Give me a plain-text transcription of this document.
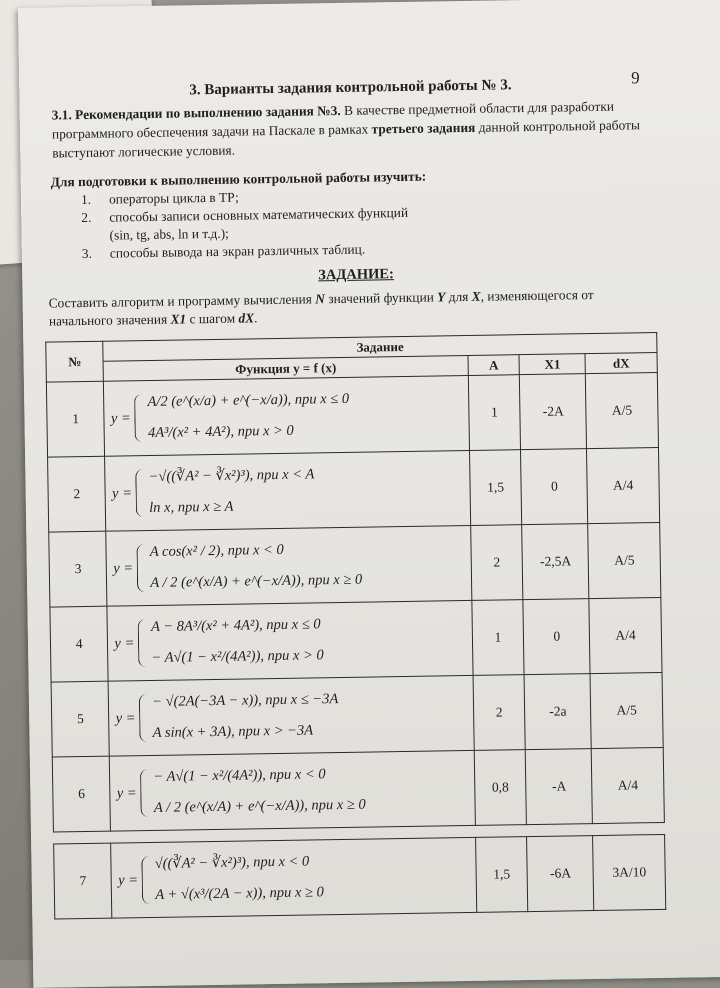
9
3. Варианты задания контрольной работы № 3.
3.1. Рекомендации по выполнению задания №3. В качестве предметной области для разработки программного обеспечения задачи на Паскале в рамках третьего задания данной контрольной работы выступают логические условия.
Для подготовки к выполнению контрольной работы изучить:
1.	операторы цикла в ТР;
2.	способы записи основных математических функций
(sin, tg, abs, ln и т.д.);
3.	способы вывода на экран различных таблиц.
ЗАДАНИЕ:
Составить алгоритм и программу вычисления N значений функции Y для X, изменяющегося от начального значения X1 с шагом dX.
№	Задание			
	Функция y = f (x)	A	X1	dX
1	y =
A/2 (e^(x/a) + e^(−x/a)), при x ≤ 0
4A³/(x² + 4A²), при x > 0	1	-2A	A/5
2	y =
−√((∛A² − ∛x²)³), при x < A
ln x, при x ≥ A	1,5	0	A/4
3	y =
A cos(x² / 2), при x < 0
A / 2 (e^(x/A) + e^(−x/A)), при x ≥ 0	2	-2,5A	A/5
4	y =
A − 8A³/(x² + 4A²), при x ≤ 0
− A√(1 − x²/(4A²)), при x > 0	1	0	A/4
5	y =
− √(2A(−3A − x)), при x ≤ −3A
A sin(x + 3A), при x > −3A	2	-2a	A/5
6	y =
− A√(1 − x²/(4A²)), при x < 0
A / 2 (e^(x/A) + e^(−x/A)), при x ≥ 0	0,8	-A	A/4

7	y =
√((∛A² − ∛x²)³), при x < 0
A + √(x³/(2A − x)), при x ≥ 0	1,5	-6A	3A/10
